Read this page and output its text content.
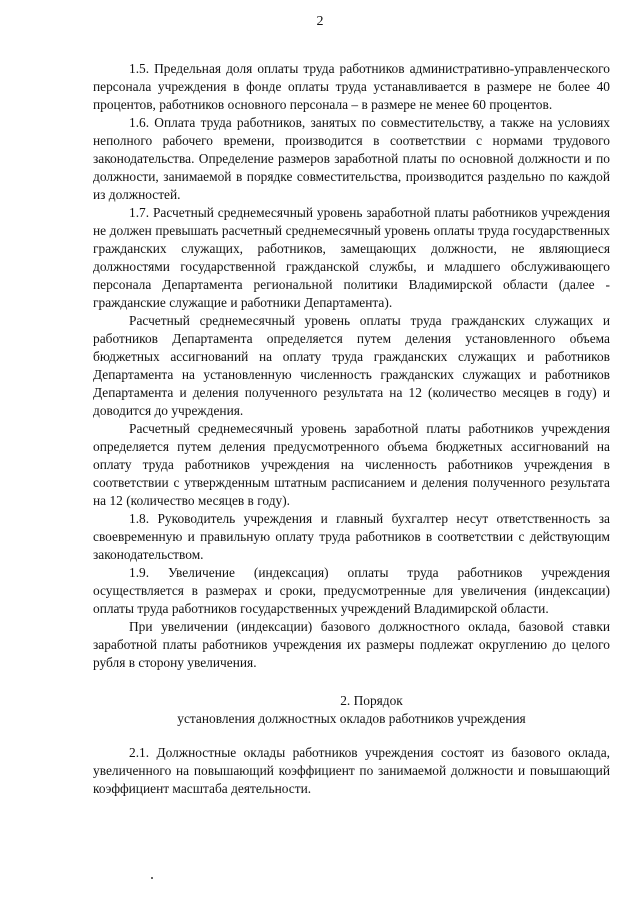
2

1.5. Предельная доля оплаты труда работников административно-управленческого персонала учреждения в фонде оплаты труда устанавливается в размере не более 40 процентов, работников основного персонала – в размере не менее 60 процентов.

1.6. Оплата труда работников, занятых по совместительству, а также на условиях неполного рабочего времени, производится в соответствии с нормами трудового законодательства. Определение размеров заработной платы по основной должности и по должности, занимаемой в порядке совместительства, производится раздельно по каждой из должностей.

1.7. Расчетный среднемесячный уровень заработной платы работников учреждения не должен превышать расчетный среднемесячный уровень оплаты труда государственных гражданских служащих, работников, замещающих должности, не являющиеся должностями государственной гражданской службы, и младшего обслуживающего персонала Департамента региональной политики Владимирской области (далее - гражданские служащие и работники Департамента).

Расчетный среднемесячный уровень оплаты труда гражданских служащих и работников Департамента определяется путем деления установленного объема бюджетных ассигнований на оплату труда гражданских служащих и работников Департамента на установленную численность гражданских служащих и работников Департамента и деления полученного результата на 12 (количество месяцев в году) и доводится до учреждения.

Расчетный среднемесячный уровень заработной платы работников учреждения определяется путем деления предусмотренного объема бюджетных ассигнований на оплату труда работников учреждения на численность работников учреждения в соответствии с утвержденным штатным расписанием и деления полученного результата на 12 (количество месяцев в году).

1.8. Руководитель учреждения и главный бухгалтер несут ответственность за своевременную и правильную оплату труда работников в соответствии с действующим законодательством.

1.9. Увеличение (индексация) оплаты труда работников учреждения осуществляется в размерах и сроки, предусмотренные для увеличения (индексации) оплаты труда работников государственных учреждений Владимирской области.

При увеличении (индексации) базового должностного оклада, базовой ставки заработной платы работников учреждения их размеры подлежат округлению до целого рубля в сторону увеличения.

2. Порядок
установления должностных окладов работников учреждения

2.1. Должностные оклады работников учреждения состоят из базового оклада, увеличенного на повышающий коэффициент по занимаемой должности и повышающий коэффициент масштаба деятельности.
